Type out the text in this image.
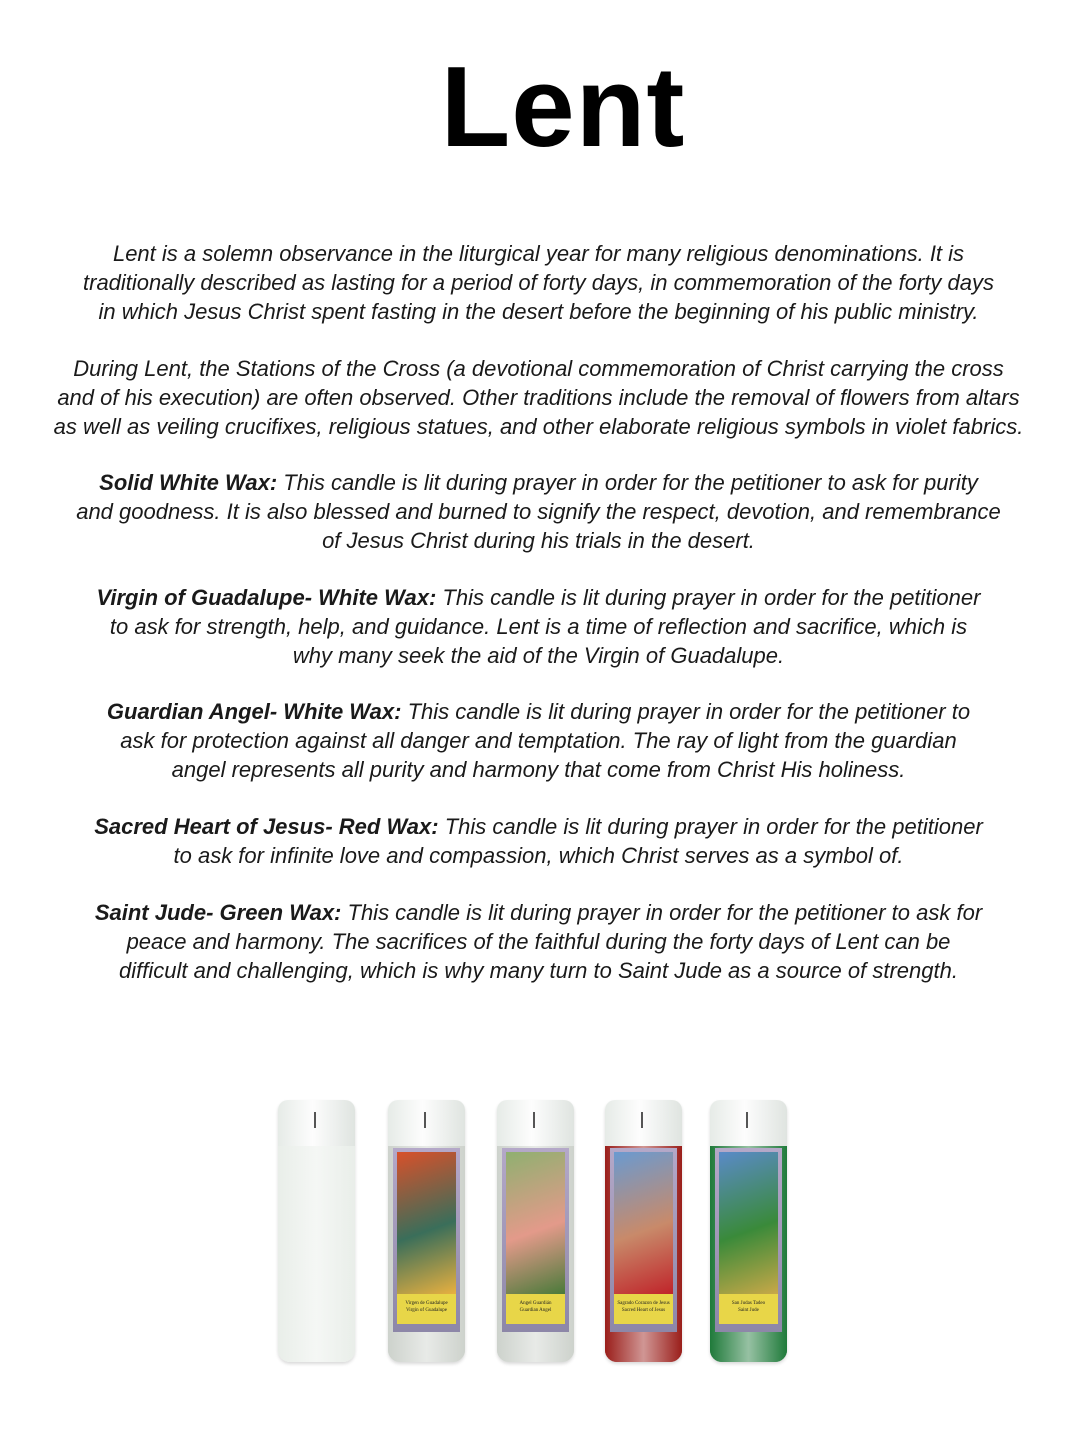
Lent
Lent is a solemn observance in the liturgical year for many religious denominations. It is
traditionally described as lasting for a period of forty days, in commemoration of the forty days
in which Jesus Christ spent fasting in the desert before the beginning of his public ministry.
During Lent, the Stations of the Cross (a devotional commemoration of Christ carrying the cross
and of his execution) are often observed. Other traditions include the removal of flowers from altars
as well as veiling crucifixes, religious statues, and other elaborate religious symbols in violet fabrics.
Solid White Wax: This candle is lit during prayer in order for the petitioner to ask for purity
and goodness. It is also blessed and burned to signify the respect, devotion, and remembrance
of Jesus Christ during his trials in the desert.
Virgin of Guadalupe- White Wax: This candle is lit during prayer in order for the petitioner
to ask for strength, help, and guidance. Lent is a time of reflection and sacrifice, which is
why many seek the aid of the Virgin of Guadalupe.
Guardian Angel- White Wax: This candle is lit during prayer in order for the petitioner to
ask for protection against all danger and temptation. The ray of light from the guardian
angel represents all purity and harmony that come from Christ His holiness.
Sacred Heart of Jesus- Red Wax: This candle is lit during prayer in order for the petitioner
to ask for infinite love and compassion, which Christ serves as a symbol of.
Saint Jude- Green Wax: This candle is lit during prayer in order for the petitioner to ask for
peace and harmony. The sacrifices of the faithful during the forty days of Lent can be
difficult and challenging, which is why many turn to Saint Jude as a source of strength.
Virgen de Guadalupe
Virgin of Guadalupe
Angel Guardián
Guardian Angel
Sagrado Corazon de Jesus
Sacred Heart of Jesus
San Judas Tadeo
Saint Jude
